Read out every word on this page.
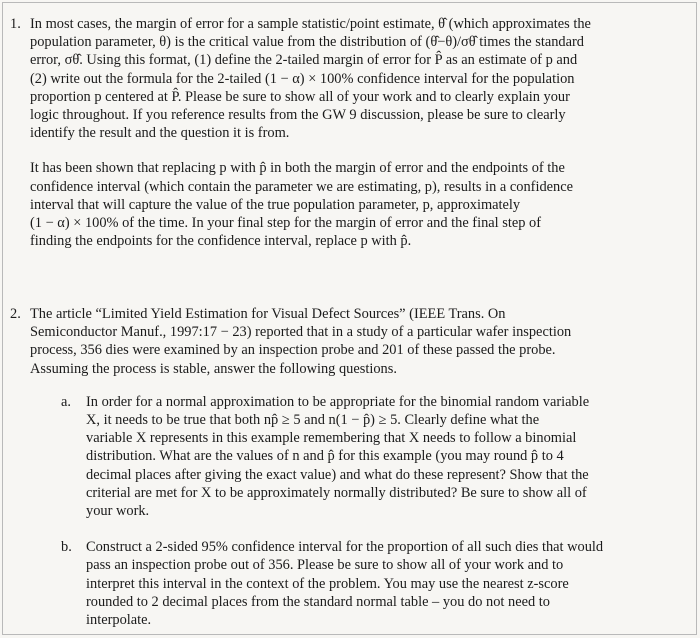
1. In most cases, the margin of error for a sample statistic/point estimate, θ̂ (which approximates the
population parameter, θ) is the critical value from the distribution of (θ̂−θ)/σθ̂ times the standard
error, σθ̂. Using this format, (1) define the 2-tailed margin of error for P̂ as an estimate of p and
(2) write out the formula for the 2-tailed (1 − α) × 100% confidence interval for the population
proportion p centered at P̂. Please be sure to show all of your work and to clearly explain your
logic throughout. If you reference results from the GW 9 discussion, please be sure to clearly
identify the result and the question it is from.

It has been shown that replacing p with p̂ in both the margin of error and the endpoints of the
confidence interval (which contain the parameter we are estimating, p), results in a confidence
interval that will capture the value of the true population parameter, p, approximately
(1 − α) × 100% of the time. In your final step for the margin of error and the final step of
finding the endpoints for the confidence interval, replace p with p̂.

2. The article “Limited Yield Estimation for Visual Defect Sources” (IEEE Trans. On
Semiconductor Manuf., 1997:17 − 23) reported that in a study of a particular wafer inspection
process, 356 dies were examined by an inspection probe and 201 of these passed the probe.
Assuming the process is stable, answer the following questions.

a. In order for a normal approximation to be appropriate for the binomial random variable
X, it needs to be true that both np̂ ≥ 5 and n(1 − p̂) ≥ 5. Clearly define what the
variable X represents in this example remembering that X needs to follow a binomial
distribution. What are the values of n and p̂ for this example (you may round p̂ to 4
decimal places after giving the exact value) and what do these represent? Show that the
criterial are met for X to be approximately normally distributed? Be sure to show all of
your work.

b. Construct a 2-sided 95% confidence interval for the proportion of all such dies that would
pass an inspection probe out of 356. Please be sure to show all of your work and to
interpret this interval in the context of the problem. You may use the nearest z-score
rounded to 2 decimal places from the standard normal table – you do not need to
interpolate.
